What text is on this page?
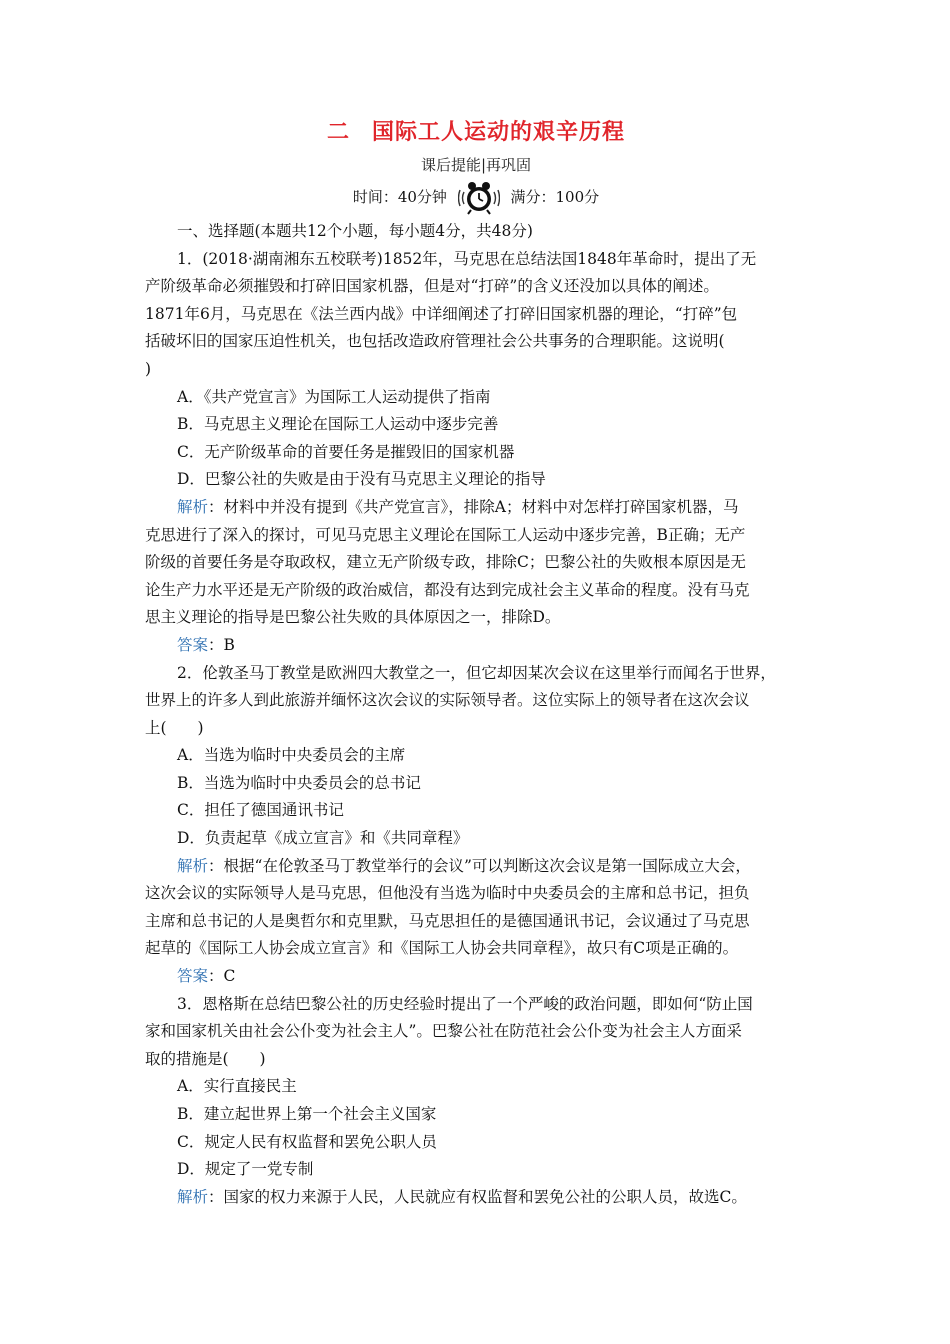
二 国际工人运动的艰辛历程
课后提能|再巩固
时间：40分钟	满分：100分
一、选择题(本题共12个小题，每小题4分，共48分)
1．(2018·湖南湘东五校联考)1852年，马克思在总结法国1848年革命时，提出了无
产阶级革命必须摧毁和打碎旧国家机器，但是对“打碎”的含义还没加以具体的阐述。
1871年6月，马克思在《法兰西内战》中详细阐述了打碎旧国家机器的理论，“打碎”包
括破坏旧的国家压迫性机关，也包括改造政府管理社会公共事务的合理职能。这说明(
)
A．《共产党宣言》为国际工人运动提供了指南
B．马克思主义理论在国际工人运动中逐步完善
C．无产阶级革命的首要任务是摧毁旧的国家机器
D．巴黎公社的失败是由于没有马克思主义理论的指导
解析：材料中并没有提到《共产党宣言》，排除A；材料中对怎样打碎国家机器，马
克思进行了深入的探讨，可见马克思主义理论在国际工人运动中逐步完善，B正确；无产
阶级的首要任务是夺取政权，建立无产阶级专政，排除C；巴黎公社的失败根本原因是无
论生产力水平还是无产阶级的政治威信，都没有达到完成社会主义革命的程度。没有马克
思主义理论的指导是巴黎公社失败的具体原因之一，排除D。
答案：B
2．伦敦圣马丁教堂是欧洲四大教堂之一，但它却因某次会议在这里举行而闻名于世界，
世界上的许多人到此旅游并缅怀这次会议的实际领导者。这位实际上的领导者在这次会议
上(　　)
A．当选为临时中央委员会的主席
B．当选为临时中央委员会的总书记
C．担任了德国通讯书记
D．负责起草《成立宣言》和《共同章程》
解析：根据“在伦敦圣马丁教堂举行的会议”可以判断这次会议是第一国际成立大会，
这次会议的实际领导人是马克思，但他没有当选为临时中央委员会的主席和总书记，担负
主席和总书记的人是奥哲尔和克里默，马克思担任的是德国通讯书记，会议通过了马克思
起草的《国际工人协会成立宣言》和《国际工人协会共同章程》，故只有C项是正确的。
答案：C
3．恩格斯在总结巴黎公社的历史经验时提出了一个严峻的政治问题，即如何“防止国
家和国家机关由社会公仆变为社会主人”。巴黎公社在防范社会公仆变为社会主人方面采
取的措施是(　　)
A．实行直接民主
B．建立起世界上第一个社会主义国家
C．规定人民有权监督和罢免公职人员
D．规定了一党专制
解析：国家的权力来源于人民，人民就应有权监督和罢免公社的公职人员，故选C。
